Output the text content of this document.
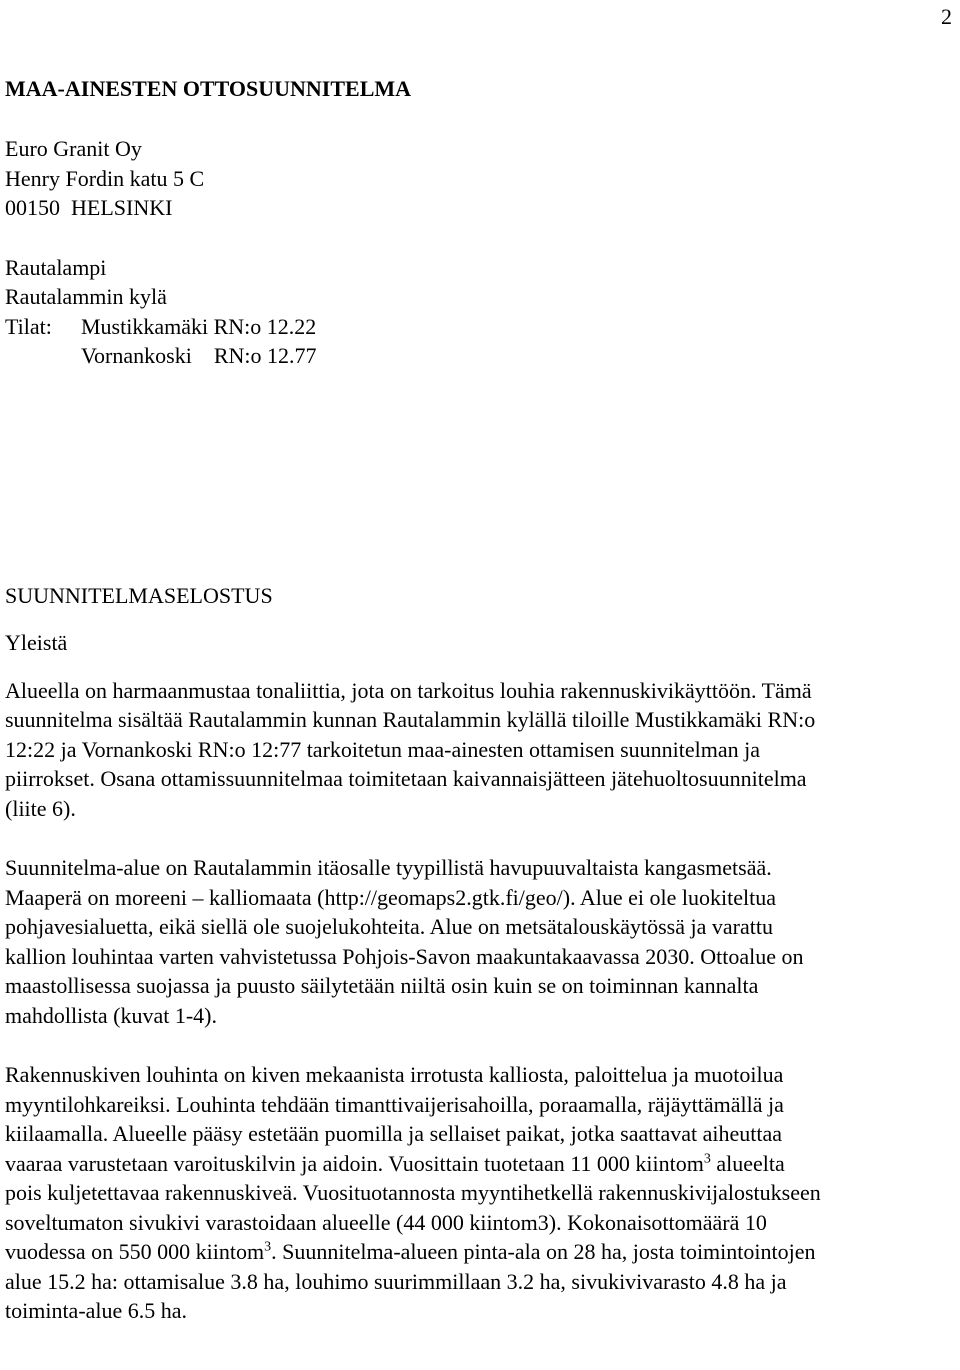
2
MAA-AINESTEN OTTOSUUNNITELMA
Euro Granit Oy
Henry Fordin katu 5 C
00150  HELSINKI
Rautalampi
Rautalammin kylä
Tilat:	Mustikkamäki RN:o 12.22
Vornankoski    RN:o 12.77
SUUNNITELMASELOSTUS
Yleistä

Alueella on harmaanmustaa tonaliittia, jota on tarkoitus louhia rakennuskivikäyttöön. Tämä
suunnitelma sisältää Rautalammin kunnan Rautalammin kylällä tiloille Mustikkamäki RN:o
12:22 ja Vornankoski RN:o 12:77 tarkoitetun maa-ainesten ottamisen suunnitelman ja
piirrokset. Osana ottamissuunnitelmaa toimitetaan kaivannaisjätteen jätehuoltosuunnitelma
(liite 6).

Suunnitelma-alue on Rautalammin itäosalle tyypillistä havupuuvaltaista kangasmetsää.
Maaperä on moreeni – kalliomaata (http://geomaps2.gtk.fi/geo/). Alue ei ole luokiteltua
pohjavesialuetta, eikä siellä ole suojelukohteita. Alue on metsätalouskäytössä ja varattu
kallion louhintaa varten vahvistetussa Pohjois-Savon maakuntakaavassa 2030. Ottoalue on
maastollisessa suojassa ja puusto säilytetään niiltä osin kuin se on toiminnan kannalta
mahdollista (kuvat 1-4).

Rakennuskiven louhinta on kiven mekaanista irrotusta kalliosta, paloittelua ja muotoilua
myyntilohkareiksi. Louhinta tehdään timanttivaijerisahoilla, poraamalla, räjäyttämällä ja
kiilaamalla. Alueelle pääsy estetään puomilla ja sellaiset paikat, jotka saattavat aiheuttaa
vaaraa varustetaan varoituskilvin ja aidoin. Vuosittain tuotetaan 11 000 kiintom$^3$ alueelta
pois kuljetettavaa rakennuskiveä. Vuosituotannosta myyntihetkellä rakennuskivijalostukseen
soveltumaton sivukivi varastoidaan alueelle (44 000 kiintom3). Kokonaisottomäärä 10
vuodessa on 550 000 kiintom$^3$. Suunnitelma-alueen pinta-ala on 28 ha, josta toimintointojen
alue 15.2 ha: ottamisalue 3.8 ha, louhimo suurimmillaan 3.2 ha, sivukivivarasto 4.8 ha ja
toiminta-alue 6.5 ha.
